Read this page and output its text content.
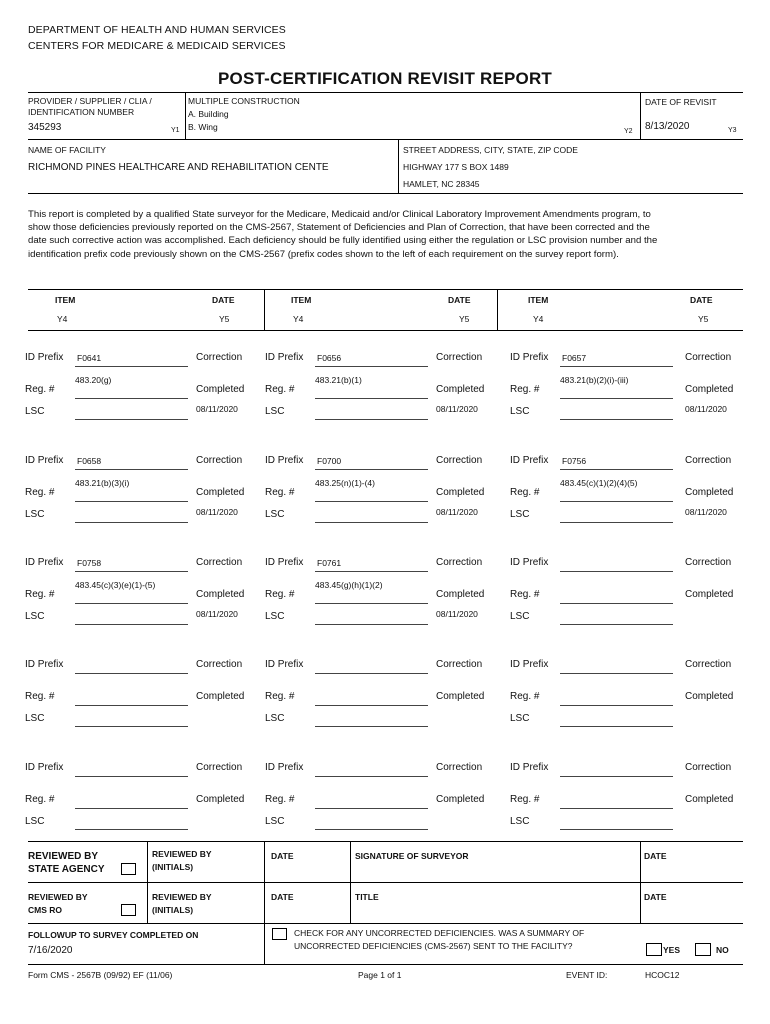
DEPARTMENT OF HEALTH AND HUMAN SERVICES
CENTERS FOR MEDICARE & MEDICAID SERVICES
POST-CERTIFICATION REVISIT REPORT
PROVIDER / SUPPLIER / CLIA /
IDENTIFICATION NUMBER
345293	Y1
MULTIPLE CONSTRUCTION
A. Building
B. Wing	Y2
DATE OF REVISIT
8/13/2020	Y3
NAME OF FACILITY
RICHMOND PINES HEALTHCARE AND REHABILITATION CENTE
STREET ADDRESS, CITY, STATE, ZIP CODE
HIGHWAY 177 S BOX 1489
HAMLET, NC 28345
This report is completed by a qualified State surveyor for the Medicare, Medicaid and/or Clinical Laboratory Improvement Amendments program, to show those deficiencies previously reported on the CMS-2567, Statement of Deficiencies and Plan of Correction, that have been corrected and the date such corrective action was accomplished. Each deficiency should be fully identified using either the regulation or LSC provision number and the identification prefix code previously shown on the CMS-2567 (prefix codes shown to the left of each requirement on the survey report form).
ITEM	DATE
Y4	Y5
ITEM	DATE
Y4	Y5
ITEM	DATE
Y4	Y5
ID Prefix F0641	Correction
483.20(g)
Reg. #	Completed
LSC	08/11/2020
ID Prefix F0656	Correction
483.21(b)(1)
Reg. #	Completed
LSC	08/11/2020
ID Prefix F0657	Correction
483.21(b)(2)(i)-(iii)
Reg. #	Completed
LSC	08/11/2020
ID Prefix F0658	Correction
483.21(b)(3)(i)
Reg. #	Completed
LSC	08/11/2020
ID Prefix F0700	Correction
483.25(n)(1)-(4)
Reg. #	Completed
LSC	08/11/2020
ID Prefix F0756	Correction
483.45(c)(1)(2)(4)(5)
Reg. #	Completed
LSC	08/11/2020
ID Prefix F0758	Correction
483.45(c)(3)(e)(1)-(5)
Reg. #	Completed
LSC	08/11/2020
ID Prefix F0761	Correction
483.45(g)(h)(1)(2)
Reg. #	Completed
LSC	08/11/2020
ID Prefix	Correction
Reg. #	Completed
LSC
ID Prefix	Correction
Reg. #	Completed
LSC
ID Prefix	Correction
Reg. #	Completed
LSC
ID Prefix	Correction
Reg. #	Completed
LSC
ID Prefix	Correction
Reg. #	Completed
LSC
ID Prefix	Correction
Reg. #	Completed
LSC
ID Prefix	Correction
Reg. #	Completed
LSC
REVIEWED BY
STATE AGENCY
REVIEWED BY
(INITIALS)
DATE	SIGNATURE OF SURVEYOR	DATE
REVIEWED BY
CMS RO
REVIEWED BY
(INITIALS)
DATE	TITLE	DATE
FOLLOWUP TO SURVEY COMPLETED ON
7/16/2020
CHECK FOR ANY UNCORRECTED DEFICIENCIES. WAS A SUMMARY OF
UNCORRECTED DEFICIENCIES (CMS-2567) SENT TO THE FACILITY?	YES	NO
Form CMS - 2567B (09/92) EF (11/06)	Page 1 of 1	EVENT ID:	HCOC12
